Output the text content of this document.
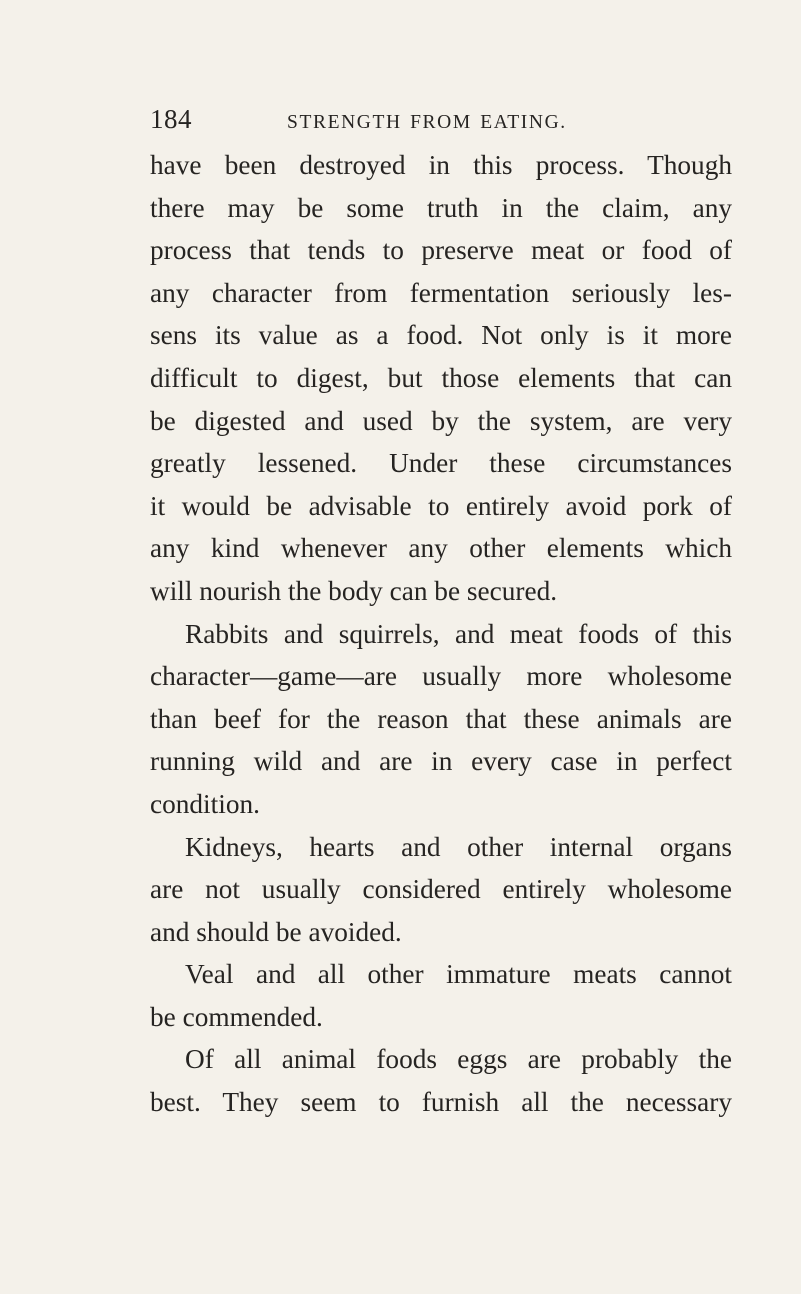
184	STRENGTH FROM EATING.
have been destroyed in this process. Though
there may be some truth in the claim, any
process that tends to preserve meat or food of
any character from fermentation seriously les-
sens its value as a food. Not only is it more
difficult to digest, but those elements that can
be digested and used by the system, are very
greatly lessened. Under these circumstances
it would be advisable to entirely avoid pork of
any kind whenever any other elements which
will nourish the body can be secured.
Rabbits and squirrels, and meat foods of this
character—game—are usually more wholesome
than beef for the reason that these animals are
running wild and are in every case in perfect
condition.
Kidneys, hearts and other internal organs
are not usually considered entirely wholesome
and should be avoided.
Veal and all other immature meats cannot
be commended.
Of all animal foods eggs are probably the
best. They seem to furnish all the necessary
